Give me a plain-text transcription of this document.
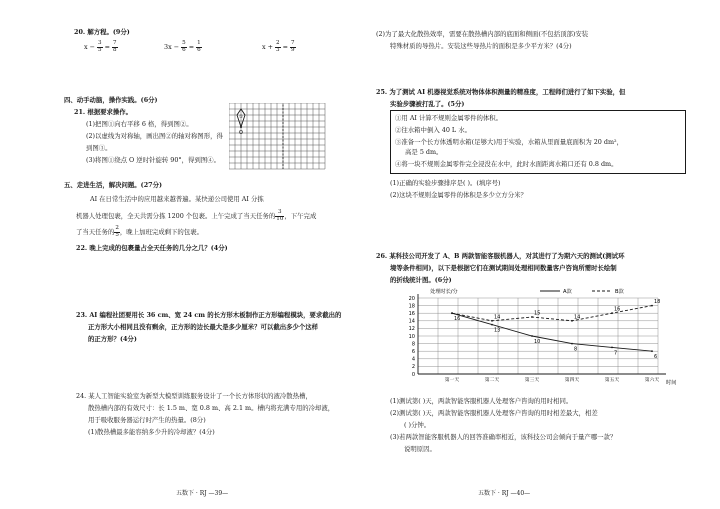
20. 解方程。(9分)
$x - \frac{3}{5} = \frac{7}{8}$	$3x - \frac{5}{6} = \frac{1}{6}$	$x + \frac{2}{3} = \frac{7}{9}$
四、动手动脑，操作实践。(6分)
21. 根据要求操作。
(1)把图①向右平移 6 格，得到图②。
(2)以虚线为对称轴，画出图②的轴对称图形，得
到图③。
(3)将图①绕点 O 逆时针旋转 90°，得到图④。
①
O
五、走进生活，解决问题。(27分)
AI 在日常生活中的应用越来越普遍。某快递公司使用 AI 分拣
机器人处理包裹，全天共需分拣 1200 个包裹。上午完成了当天任务的 $\frac{3}{10}$ ，下午完成
了当天任务的 $\frac{2}{5}$ ，晚上加班完成剩下的包裹。
22. 晚上完成的包裹量占全天任务的几分之几？(4分)
23. AI 编程社团要用长 36 cm、宽 24 cm 的长方形木板制作正方形编程模块，要求截出的
正方形大小相同且没有剩余，正方形的边长最大是多少厘米？可以截出多少个这样
的正方形？(4分)
24. 某人工智能实验室为新型大模型训练服务设计了一个长方体形状的液冷散热槽，
散热槽内部的有效尺寸：长 1.5 m、宽 0.8 m、高 2.1 m。槽内将充满专用的冷却液，
用于吸收服务器运行时产生的热量。(8分)
(1)散热槽最多能容纳多少升的冷却液？(4分)
五数下 · RJ —39—
(2)为了最大化散热效率，需要在散热槽内部的底面和侧面(不包括顶部)安装
特殊材质的导热片。安装这些导热片的面积是多少平方米？(4分)
25. 为了测试 AI 机器视觉系统对物体体积测量的精准度，工程师们进行了如下实验，但
实验步骤被打乱了。(5分)
①用 AI 计算不规则金属零件的体积。
②往水箱中倒入 40 L 水。
③准备一个长方体透明水箱(足够大)用于实验，水箱从里面量底面积为 20 dm²，
高是 5 dm。
④将一块不规则金属零件完全浸没在水中，此时水面距离水箱口还有 0.8 dm。
(1)正确的实验步骤排序是( )。(填序号)
(2)这块不规则金属零件的体积是多少立方分米？
26. 某科技公司开发了 A、B 两款智能客服机器人，对其进行了为期六天的测试(测试环
境等条件相同)，以下是根据它们在测试期间处理相同数量客户咨询所需时长绘制
的折线统计图。(6分)
处理时长/分	A款	B款
0
2
4
6
8
10
12
14
16
18
20
第一天	第二天	第三天	第四天	第五天	第六天
16
13
10
8
7
6
14
15
14
16
18
时间
(1)测试第( )天，两款智能客服机器人处理客户咨询的用时相同。
(2)测试第( )天，两款智能客服机器人处理客户咨询的用时相差最大，相差
( )分钟。
(3)若两款智能客服机器人的回答准确率相近，该科技公司会倾向于量产哪一款？
说明原因。
五数下 · RJ —40—
